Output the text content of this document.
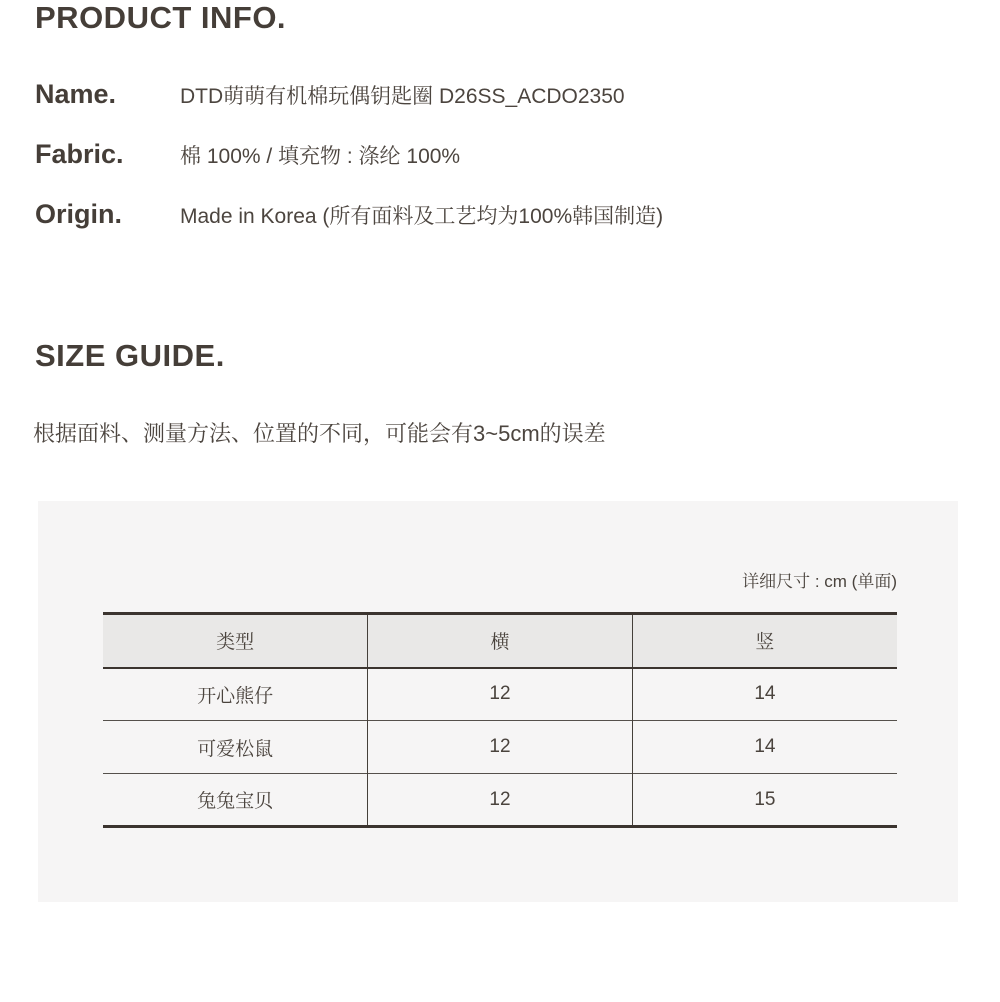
PRODUCT INFO.
Name.	DTD萌萌有机棉玩偶钥匙圈 D26SS_ACDO2350
Fabric.	棉 100% / 填充物 : 涤纶 100%
Origin.	Made in Korea (所有面料及工艺均为100%韩国制造)
SIZE GUIDE.

根据面料、测量方法、位置的不同，可能会有3~5cm的误差

详细尺寸 : cm (单面)
类型	横	竖
开心熊仔	12	14
可爱松鼠	12	14
兔兔宝贝	12	15
